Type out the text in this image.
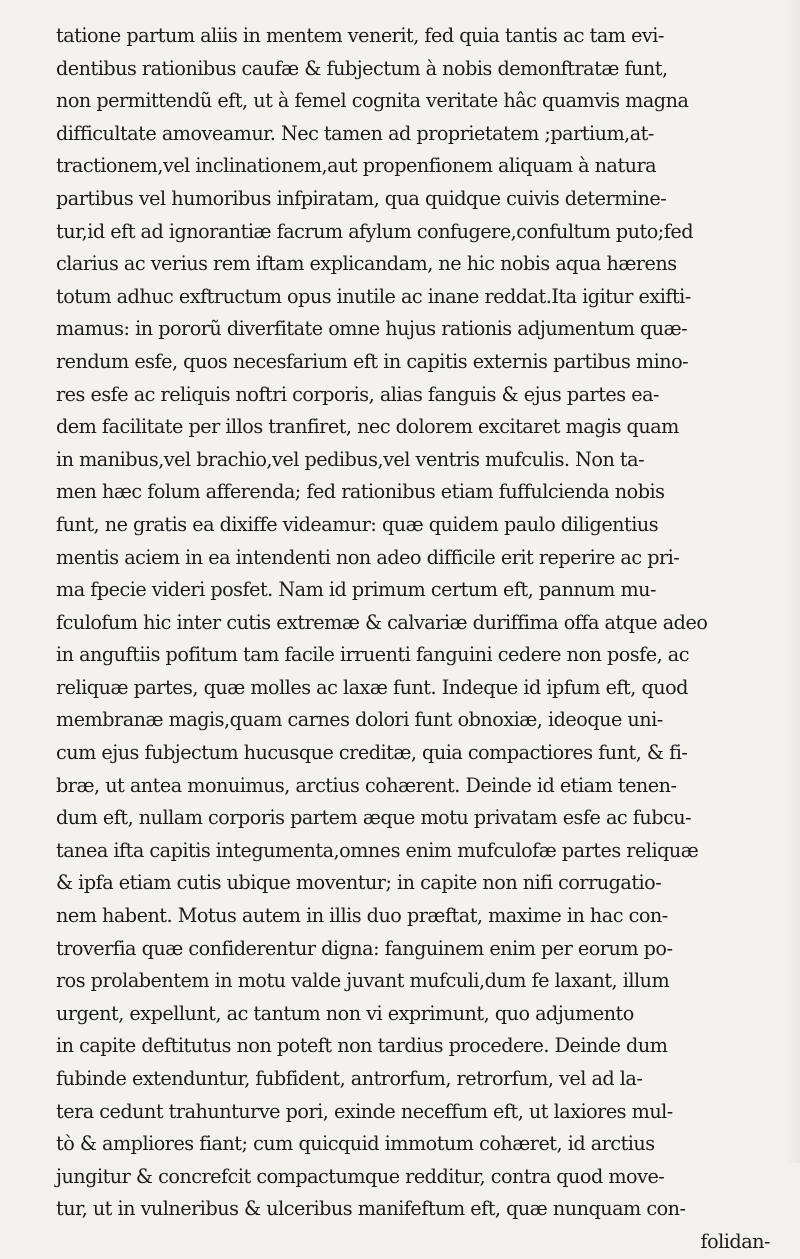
tatione partum aliis in mentem venerit, fed quia tantis ac tam evi-
dentibus rationibus caufæ & fubjectum à nobis demonftratæ funt,
non permittendũ eft, ut à femel cognita veritate hâc quamvis magna
difficultate amoveamur. Nec tamen ad proprietatem ;partium,at-
tractionem,vel inclinationem,aut propenfionem aliquam à natura
partibus vel humoribus infpiratam, qua quidque cuivis determine-
tur,id eft ad ignorantiæ facrum afylum confugere,confultum puto;fed
clarius ac verius rem iftam explicandam, ne hic nobis aqua hærens
totum adhuc exftructum opus inutile ac inane reddat.Ita igitur exifti-
mamus: in pororũ diverfitate omne hujus rationis adjumentum quæ-
rendum esfe, quos necesfarium eft in capitis externis partibus mino-
res esfe ac reliquis noftri corporis, alias fanguis & ejus partes ea-
dem facilitate per illos tranfiret, nec dolorem excitaret magis quam
in manibus,vel brachio,vel pedibus,vel ventris mufculis. Non ta-
men hæc folum afferenda; fed rationibus etiam fuffulcienda nobis
funt, ne gratis ea dixiffe videamur: quæ quidem paulo diligentius
mentis aciem in ea intendenti non adeo difficile erit reperire ac pri-
ma fpecie videri posfet. Nam id primum certum eft, pannum mu-
fculofum hic inter cutis extremæ & calvariæ duriffima offa atque adeo
in anguftiis pofitum tam facile irruenti fanguini cedere non posfe, ac
reliquæ partes, quæ molles ac laxæ funt. Indeque id ipfum eft, quod
membranæ magis,quam carnes dolori funt obnoxiæ, ideoque uni-
cum ejus fubjectum hucusque creditæ, quia compactiores funt, & fi-
bræ, ut antea monuimus, arctius cohærent. Deinde id etiam tenen-
dum eft, nullam corporis partem æque motu privatam esfe ac fubcu-
tanea ifta capitis integumenta,omnes enim mufculofæ partes reliquæ
& ipfa etiam cutis ubique moventur; in capite non nifi corrugatio-
nem habent. Motus autem in illis duo præftat, maxime in hac con-
troverfia quæ confiderentur digna: fanguinem enim per eorum po-
ros prolabentem in motu valde juvant mufculi,dum fe laxant, illum
urgent, expellunt, ac tantum non vi exprimunt, quo adjumento
in capite deftitutus non poteft non tardius procedere. Deinde dum
fubinde extenduntur, fubfident, antrorfum, retrorfum, vel ad la-
tera cedunt trahunturve pori, exinde neceffum eft, ut laxiores mul-
tò & ampliores fiant; cum quicquid immotum cohæret, id arctius
jungitur & concrefcit compactumque redditur, contra quod move-
tur, ut in vulneribus & ulceribus manifeftum eft, quæ nunquam con-
folidan-
